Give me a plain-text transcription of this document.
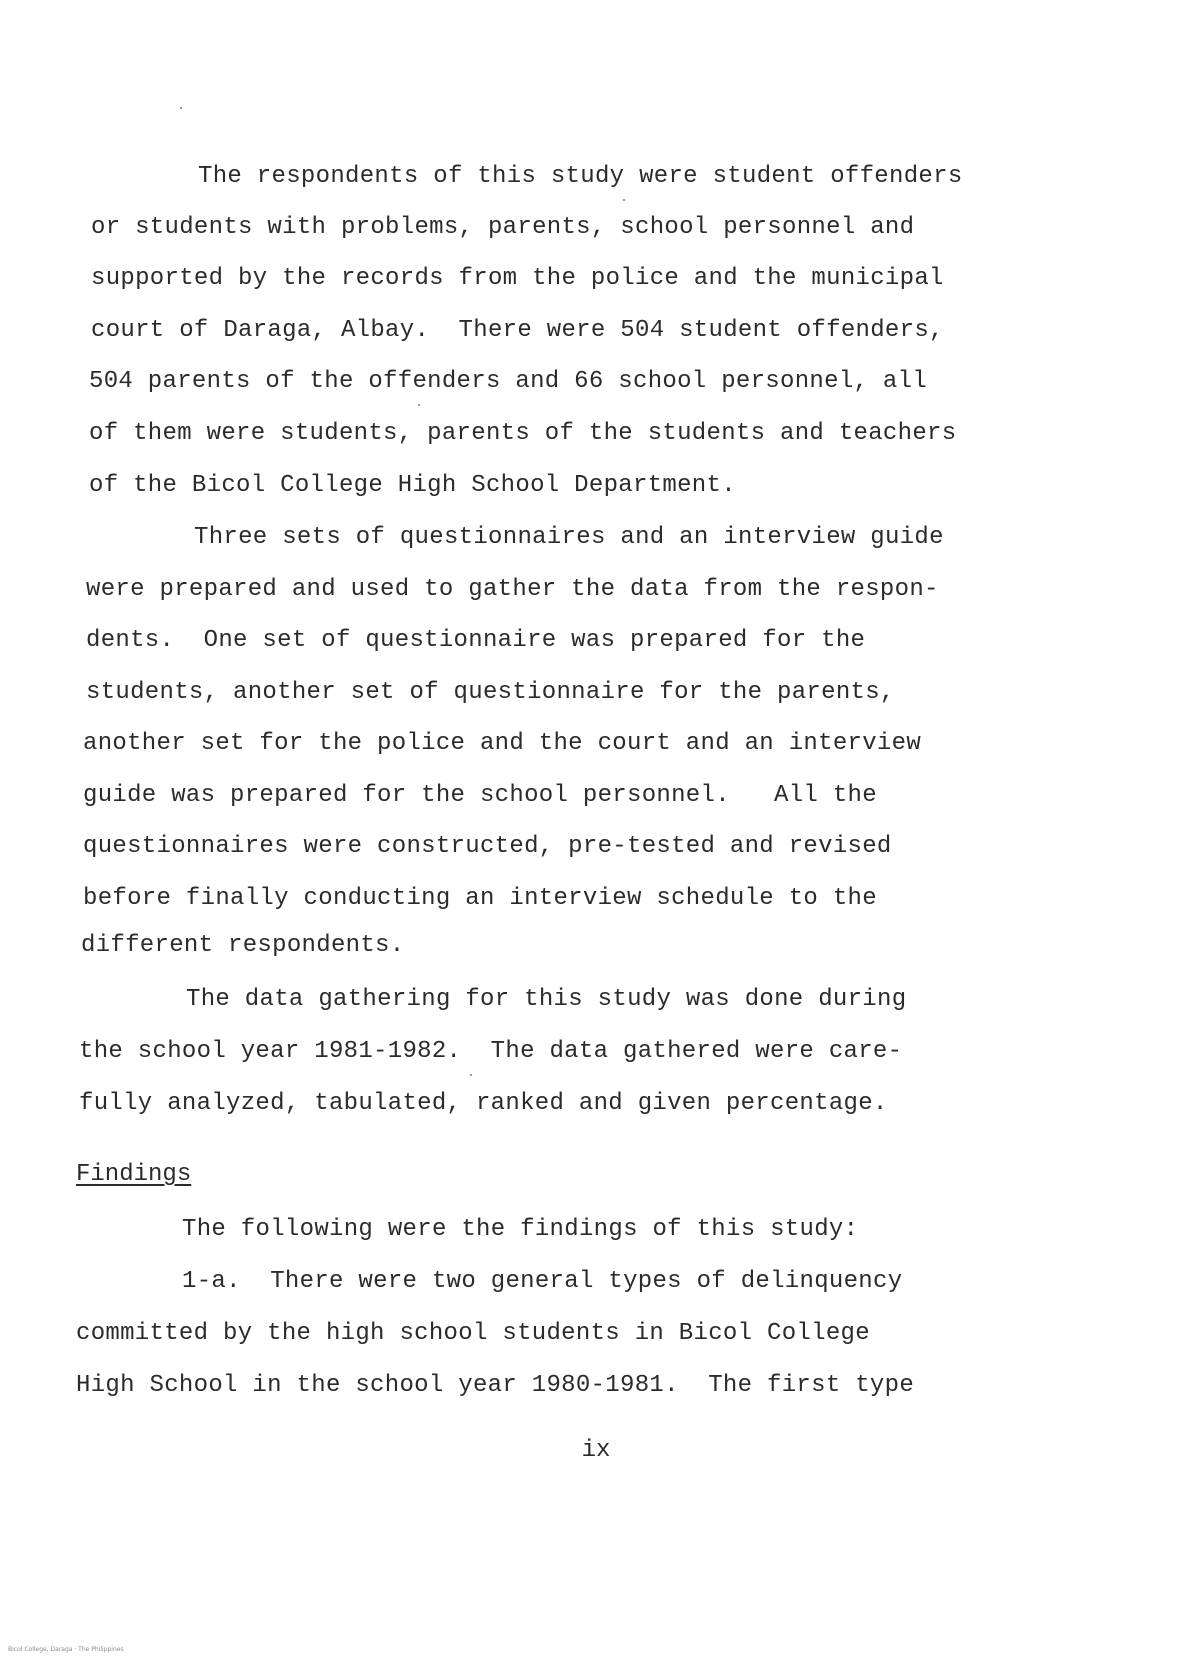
The respondents of this study were student offenders
or students with problems, parents, school personnel and
supported by the records from the police and the municipal
court of Daraga, Albay.  There were 504 student offenders,
504 parents of the offenders and 66 school personnel, all
of them were students, parents of the students and teachers
of the Bicol College High School Department.
Three sets of questionnaires and an interview guide
were prepared and used to gather the data from the respon-
dents.  One set of questionnaire was prepared for the
students, another set of questionnaire for the parents,
another set for the police and the court and an interview
guide was prepared for the school personnel.   All the
questionnaires were constructed, pre-tested and revised
before finally conducting an interview schedule to the
different respondents.
The data gathering for this study was done during
the school year 1981-1982.  The data gathered were care-
fully analyzed, tabulated, ranked and given percentage.
Findings
The following were the findings of this study:
1-a.  There were two general types of delinquency
committed by the high school students in Bicol College
High School in the school year 1980-1981.  The first type
ix
Bicol College, Daraga · The Philippines
